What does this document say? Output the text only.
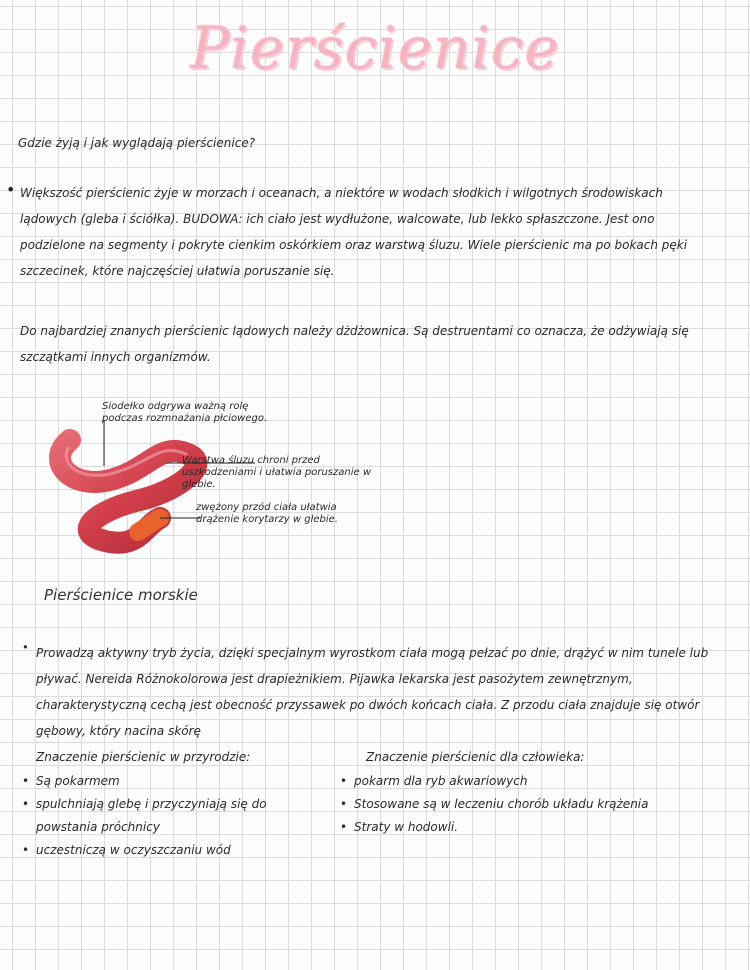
Pierścienice
Gdzie żyją i jak wyglądają pierścienice?
• Większość pierścienic żyje w morzach i oceanach, a niektóre w wodach słodkich i wilgotnych środowiskach lądowych (gleba i ściółka). BUDOWA: ich ciało jest wydłużone, walcowate, lub lekko spłaszczone. Jest ono podzielone na segmenty i pokryte cienkim oskórkiem oraz warstwą śluzu. Wiele pierścienic ma po bokach pęki szczecinek, które najczęściej ułatwia poruszanie się.

Do najbardziej znanych pierścienic lądowych należy dżdżownica. Są destruentami co oznacza, że odżywiają się szczątkami innych organizmów.

Siodełko odgrywa ważną rolę podczas rozmnażania płciowego.
Warstwa śluzu chroni przed uszkodzeniami i ułatwia poruszanie w glebie.
zwężony przód ciała ułatwia drążenie korytarzy w glebie.
Pierścienice morskie
• Prowadzą aktywny tryb życia, dzięki specjalnym wyrostkom ciała mogą pełzać po dnie, drążyć w nim tunele lub pływać. Nereida Różnokolorowa jest drapieżnikiem. Pijawka lekarska jest pasożytem zewnętrznym, charakterystyczną cechą jest obecność przyssawek po dwóch końcach ciała. Z przodu ciała znajduje się otwór gębowy, który nacina skórę

Znaczenie pierścienic w przyrodzie:
• Są pokarmem
• spulchniają glebę i przyczyniają się do powstania próchnicy
• uczestniczą w oczyszczaniu wód
Znaczenie pierścienic dla człowieka:
• pokarm dla ryb akwariowych
• Stosowane są w leczeniu chorób układu krążenia
• Straty w hodowli.
